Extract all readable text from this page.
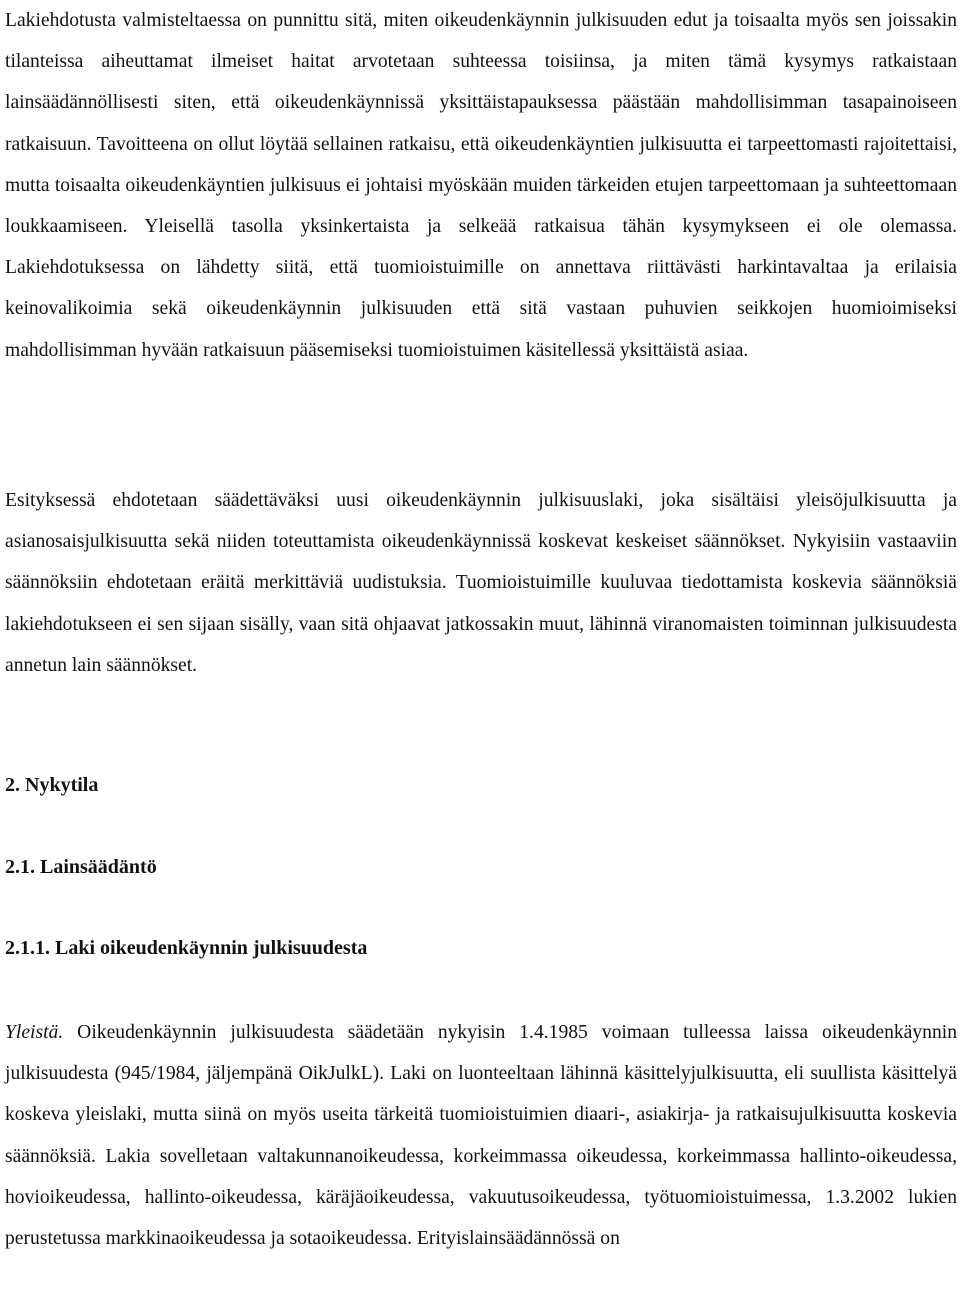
Lakiehdotusta valmisteltaessa on punnittu sitä, miten oikeudenkäynnin julkisuuden edut ja toisaalta myös sen joissakin tilanteissa aiheuttamat ilmeiset haitat arvotetaan suhteessa toisiinsa, ja miten tämä kysymys ratkaistaan lainsäädännöllisesti siten, että oikeudenkäynnissä yksittäistapauksessa päästään mahdollisimman tasapainoiseen ratkaisuun. Tavoitteena on ollut löytää sellainen ratkaisu, että oikeudenkäyntien julkisuutta ei tarpeettomasti rajoitettaisi, mutta toisaalta oikeudenkäyntien julkisuus ei johtaisi myöskään muiden tärkeiden etujen tarpeettomaan ja suhteettomaan loukkaamiseen. Yleisellä tasolla yksinkertaista ja selkeää ratkaisua tähän kysymykseen ei ole olemassa. Lakiehdotuksessa on lähdetty siitä, että tuomioistuimille on annettava riittävästi harkintavaltaa ja erilaisia keinovalikoimia sekä oikeudenkäynnin julkisuuden että sitä vastaan puhuvien seikkojen huomioimiseksi mahdollisimman hyvään ratkaisuun pääsemiseksi tuomioistuimen käsitellessä yksittäistä asiaa.

Esityksessä ehdotetaan säädettäväksi uusi oikeudenkäynnin julkisuuslaki, joka sisältäisi yleisöjulkisuutta ja asianosaisjulkisuutta sekä niiden toteuttamista oikeudenkäynnissä koskevat keskeiset säännökset. Nykyisiin vastaaviin säännöksiin ehdotetaan eräitä merkittäviä uudistuksia. Tuomioistuimille kuuluvaa tiedottamista koskevia säännöksiä lakiehdotukseen ei sen sijaan sisälly, vaan sitä ohjaavat jatkossakin muut, lähinnä viranomaisten toiminnan julkisuudesta annetun lain säännökset.

2. Nykytila

2.1. Lainsäädäntö

2.1.1. Laki oikeudenkäynnin julkisuudesta

Yleistä. Oikeudenkäynnin julkisuudesta säädetään nykyisin 1.4.1985 voimaan tulleessa laissa oikeudenkäynnin julkisuudesta (945/1984, jäljempänä OikJulkL). Laki on luonteeltaan lähinnä käsittelyjulkisuutta, eli suullista käsittelyä koskeva yleislaki, mutta siinä on myös useita tärkeitä tuomioistuimien diaari-, asiakirja- ja ratkaisujulkisuutta koskevia säännöksiä. Lakia sovelletaan valtakunnanoikeudessa, korkeimmassa oikeudessa, korkeimmassa hallinto-oikeudessa, hovioikeudessa, hallinto-oikeudessa, käräjäoikeudessa, vakuutusoikeudessa, työtuomioistuimessa, 1.3.2002 lukien perustetussa markkinaoikeudessa ja sotaoikeudessa. Erityislainsäädännössä on
